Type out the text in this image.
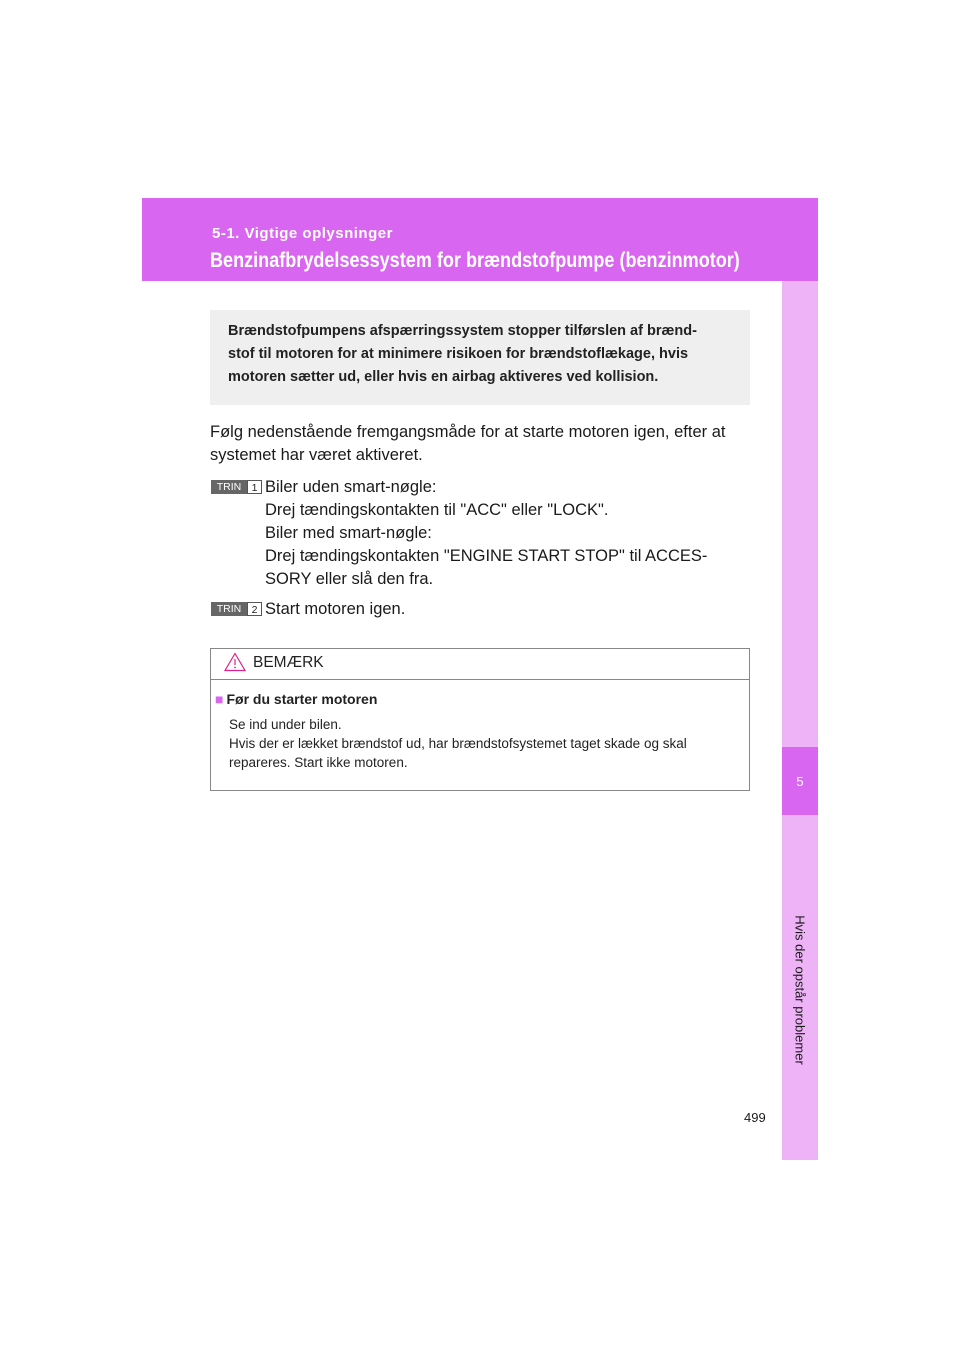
5-1. Vigtige oplysninger
Benzinafbrydelsessystem for brændstofpumpe (benzinmotor)
5
Hvis der opstår problemer
Brændstofpumpens afspærringssystem stopper tilførslen af brænd-
stof til motoren for at minimere risikoen for brændstoflækage, hvis
motoren sætter ud, eller hvis en airbag aktiveres ved kollision.
Følg nedenstående fremgangsmåde for at starte motoren igen, efter at
systemet har været aktiveret.
TRIN 1 Biler uden smart-nøgle:
Drej tændingskontakten til "ACC" eller "LOCK".
Biler med smart-nøgle:
Drej tændingskontakten "ENGINE START STOP" til ACCES-
SORY eller slå den fra.
TRIN 2 Start motoren igen.
BEMÆRK
■ Før du starter motoren
Se ind under bilen.
Hvis der er lækket brændstof ud, har brændstofsystemet taget skade og skal
repareres. Start ikke motoren.
499
